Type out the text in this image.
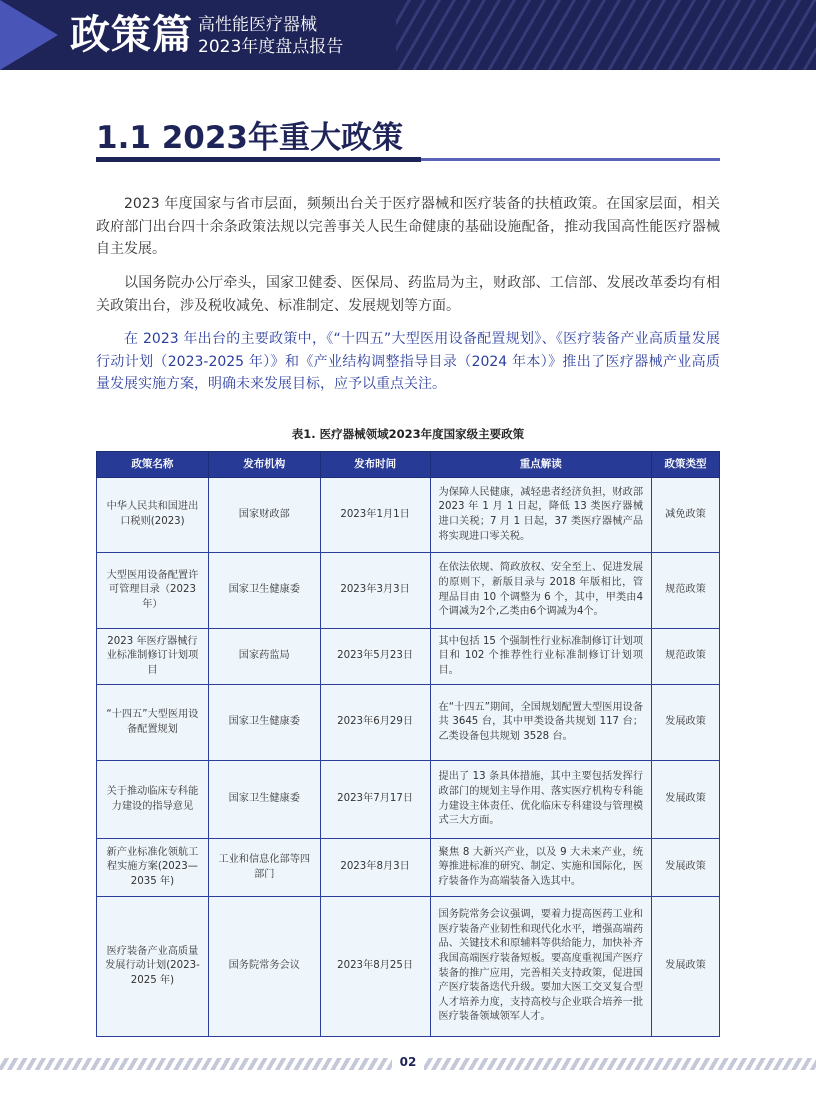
政策篇 高性能医疗器械
2023年度盘点报告
1.1 2023年重大政策

2023 年度国家与省市层面，频频出台关于医疗器械和医疗装备的扶植政策。在国家层面，相关政府部门出台四十余条政策法规以完善事关人民生命健康的基础设施配备，推动我国高性能医疗器械自主发展。

以国务院办公厅牵头，国家卫健委、医保局、药监局为主，财政部、工信部、发展改革委均有相关政策出台，涉及税收减免、标准制定、发展规划等方面。

在 2023 年出台的主要政策中，《“十四五”大型医用设备配置规划》、《医疗装备产业高质量发展行动计划（2023-2025 年）》和《产业结构调整指导目录（2024 年本）》推出了医疗器械产业高质量发展实施方案，明确未来发展目标，应予以重点关注。

表1. 医疗器械领域2023年度国家级主要政策
政策名称	发布机构	发布时间	重点解读	政策类型
中华人民共和国进出口税则(2023)	国家财政部	2023年1月1日	为保障人民健康，减轻患者经济负担，财政部 2023 年 1 月 1 日起，降低 13 类医疗器械进口关税；7 月 1 日起，37 类医疗器械产品将实现进口零关税。	减免政策
大型医用设备配置许可管理目录（2023 年）	国家卫生健康委	2023年3月3日	在依法依规、简政放权、安全至上、促进发展的原则下，新版目录与 2018 年版相比，管理品目由 10 个调整为 6 个，其中，甲类由4个调减为2个,乙类由6个调减为4个。	规范政策
2023 年医疗器械行业标准制修订计划项目	国家药监局	2023年5月23日	其中包括 15 个强制性行业标准制修订计划项目和 102 个推荐性行业标准制修订计划项目。	规范政策
“十四五”大型医用设备配置规划	国家卫生健康委	2023年6月29日	在“十四五”期间，全国规划配置大型医用设备共 3645 台，其中甲类设备共规划 117 台；乙类设备包共规划 3528 台。	发展政策
关于推动临床专科能力建设的指导意见	国家卫生健康委	2023年7月17日	提出了 13 条具体措施，其中主要包括发挥行政部门的规划主导作用、落实医疗机构专科能力建设主体责任、优化临床专科建设与管理模式三大方面。	发展政策
新产业标准化领航工程实施方案(2023—2035 年)	工业和信息化部等四部门	2023年8月3日	聚焦 8 大新兴产业，以及 9 大未来产业，统筹推进标准的研究、制定、实施和国际化，医疗装备作为高端装备入选其中。	发展政策
医疗装备产业高质量发展行动计划(2023-2025 年)	国务院常务会议	2023年8月25日	国务院常务会议强调，要着力提高医药工业和医疗装备产业韧性和现代化水平，增强高端药品、关键技术和原辅料等供给能力，加快补齐我国高端医疗装备短板。要高度重视国产医疗装备的推广应用，完善相关支持政策，促进国产医疗装备迭代升级。要加大医工交叉复合型人才培养力度，支持高校与企业联合培养一批医疗装备领域领军人才。	发展政策
02
